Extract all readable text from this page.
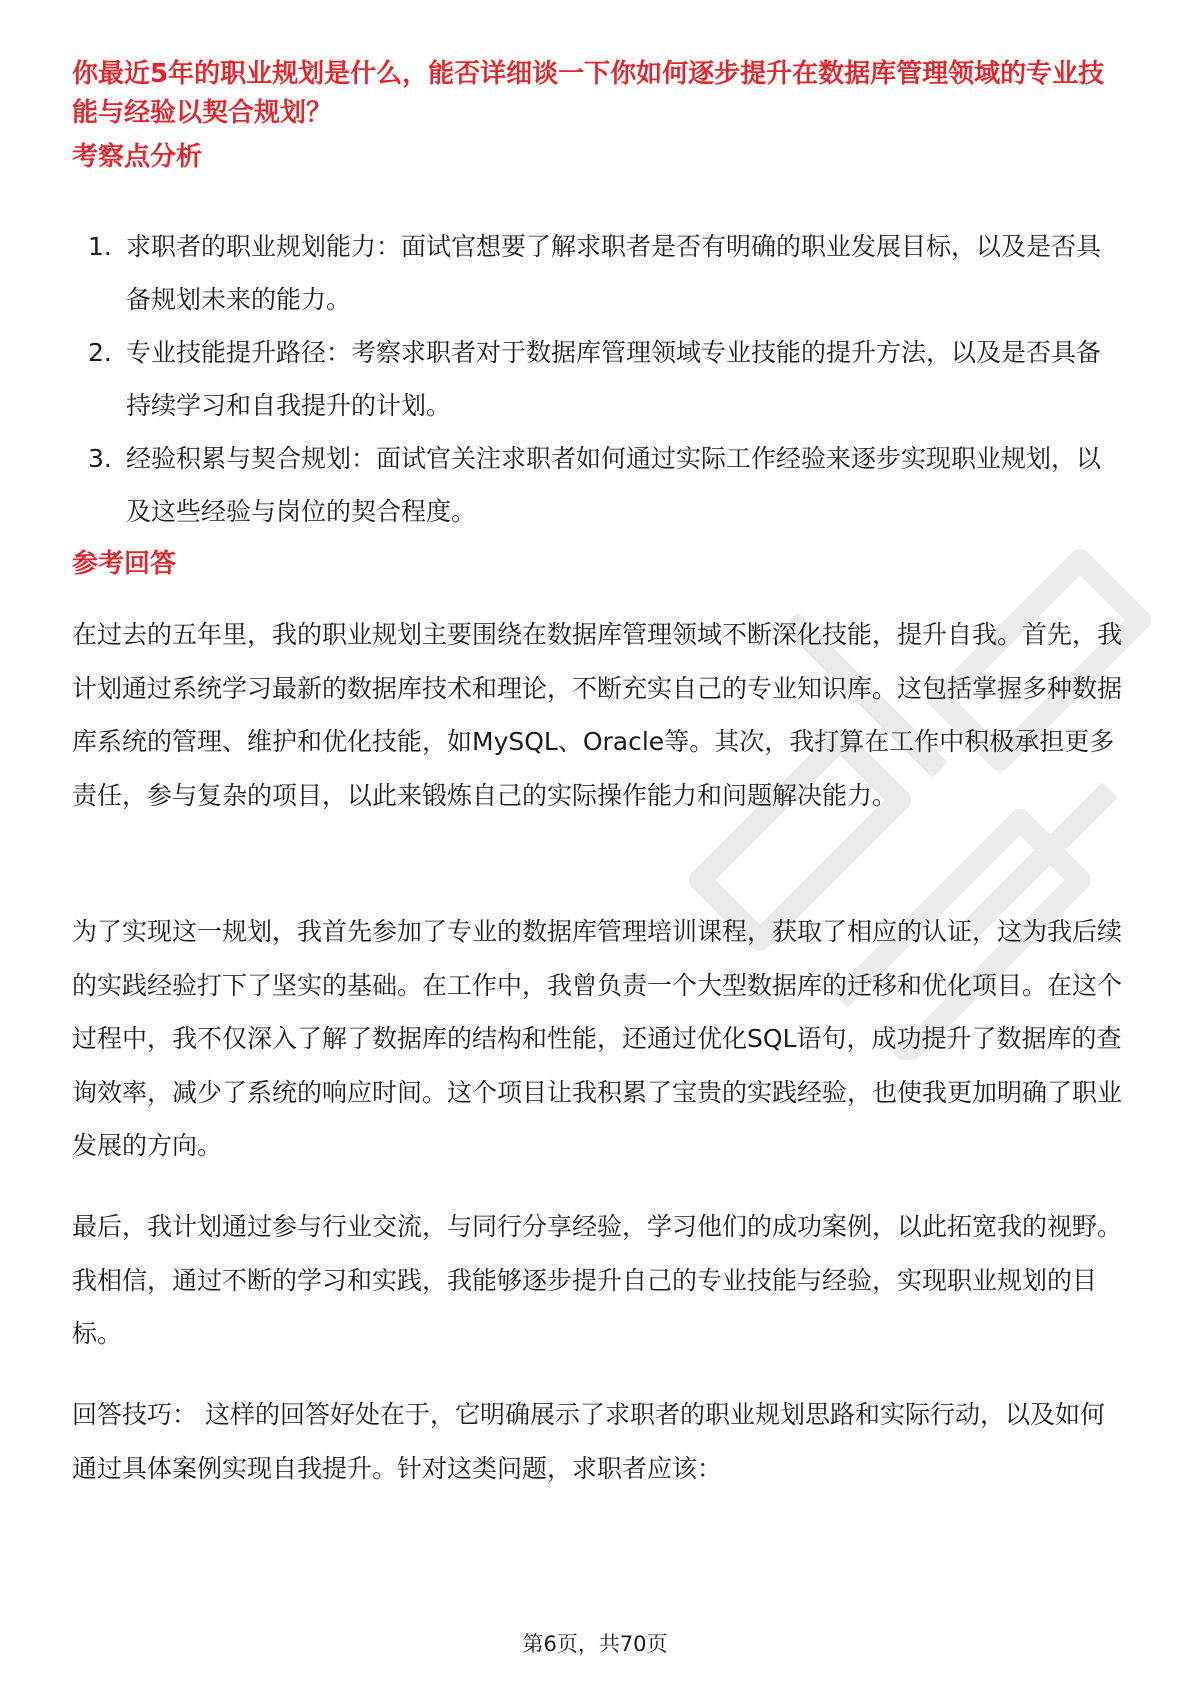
你最近5年的职业规划是什么，能否详细谈一下你如何逐步提升在数据库管理领域的专业技能与经验以契合规划？
考察点分析
1. 求职者的职业规划能力：面试官想要了解求职者是否有明确的职业发展目标，以及是否具备规划未来的能力。
2. 专业技能提升路径：考察求职者对于数据库管理领域专业技能的提升方法，以及是否具备持续学习和自我提升的计划。
3. 经验积累与契合规划：面试官关注求职者如何通过实际工作经验来逐步实现职业规划，以及这些经验与岗位的契合程度。
参考回答

在过去的五年里，我的职业规划主要围绕在数据库管理领域不断深化技能，提升自我。首先，我计划通过系统学习最新的数据库技术和理论，不断充实自己的专业知识库。这包括掌握多种数据库系统的管理、维护和优化技能，如MySQL、Oracle等。其次，我打算在工作中积极承担更多责任，参与复杂的项目，以此来锻炼自己的实际操作能力和问题解决能力。

为了实现这一规划，我首先参加了专业的数据库管理培训课程，获取了相应的认证，这为我后续的实践经验打下了坚实的基础。在工作中，我曾负责一个大型数据库的迁移和优化项目。在这个过程中，我不仅深入了解了数据库的结构和性能，还通过优化SQL语句，成功提升了数据库的查询效率，减少了系统的响应时间。这个项目让我积累了宝贵的实践经验，也使我更加明确了职业发展的方向。

最后，我计划通过参与行业交流，与同行分享经验，学习他们的成功案例，以此拓宽我的视野。我相信，通过不断的学习和实践，我能够逐步提升自己的专业技能与经验，实现职业规划的目标。

回答技巧： 这样的回答好处在于，它明确展示了求职者的职业规划思路和实际行动，以及如何通过具体案例实现自我提升。针对这类问题，求职者应该：

第6页，共70页
